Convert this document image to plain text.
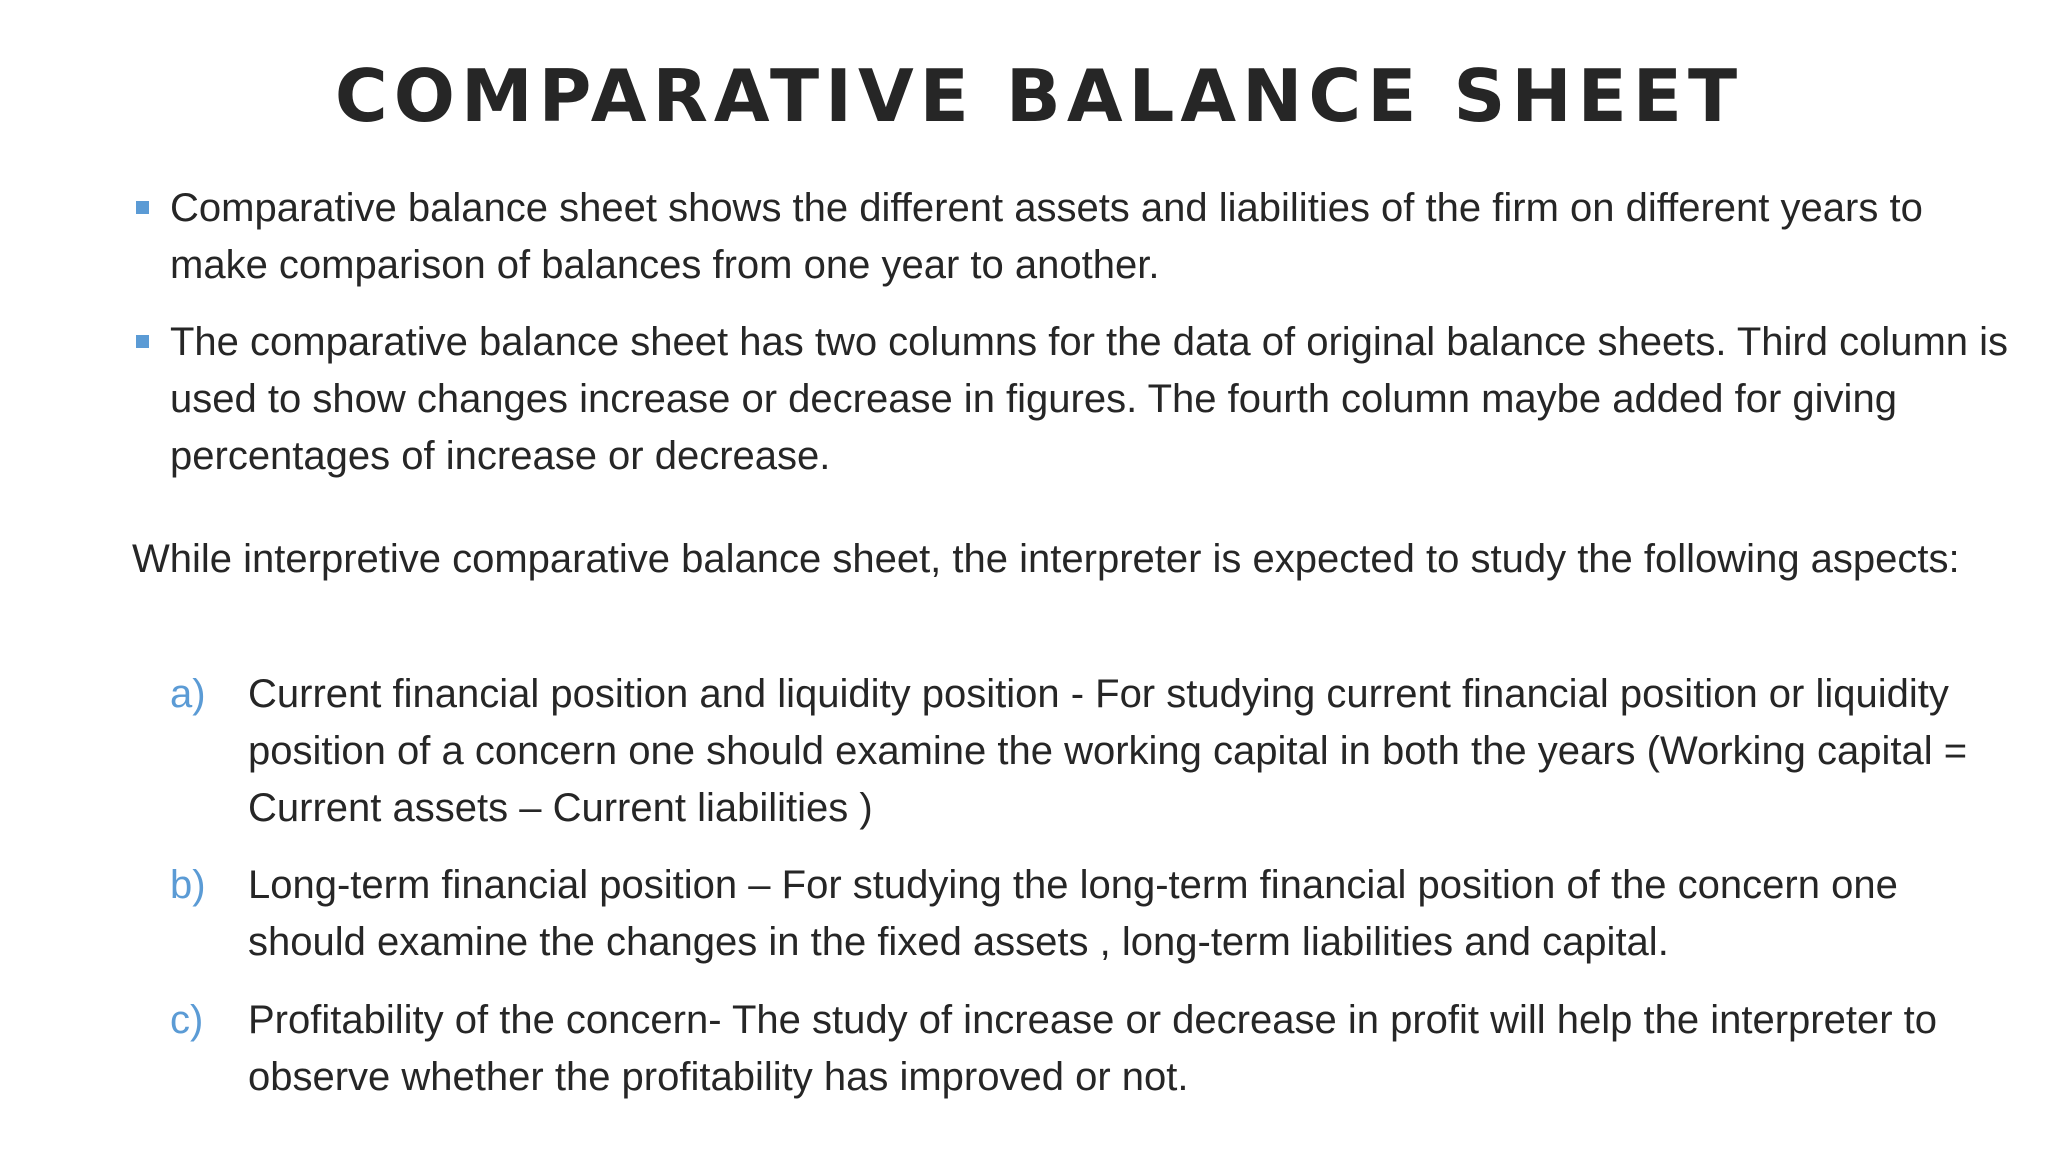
COMPARATIVE BALANCE SHEET
Comparative balance sheet shows the different assets and liabilities of the firm on different years to make comparison of balances from one year to another.
The comparative balance sheet has two columns for the data of original balance sheets. Third column is used to show changes increase or decrease in figures. The fourth column maybe added for giving percentages of increase or decrease.
While interpretive comparative balance sheet, the interpreter is expected to study the following aspects:
a) Current financial position and liquidity position - For studying current financial position or liquidity position of a concern one should examine the working capital in both the years (Working capital = Current assets – Current liabilities )
b) Long-term financial position – For studying the long-term financial position of the concern one should examine the changes in the fixed assets , long-term liabilities and capital.
c) Profitability of the concern- The study of increase or decrease in profit will help the interpreter to observe whether the profitability has improved or not.
